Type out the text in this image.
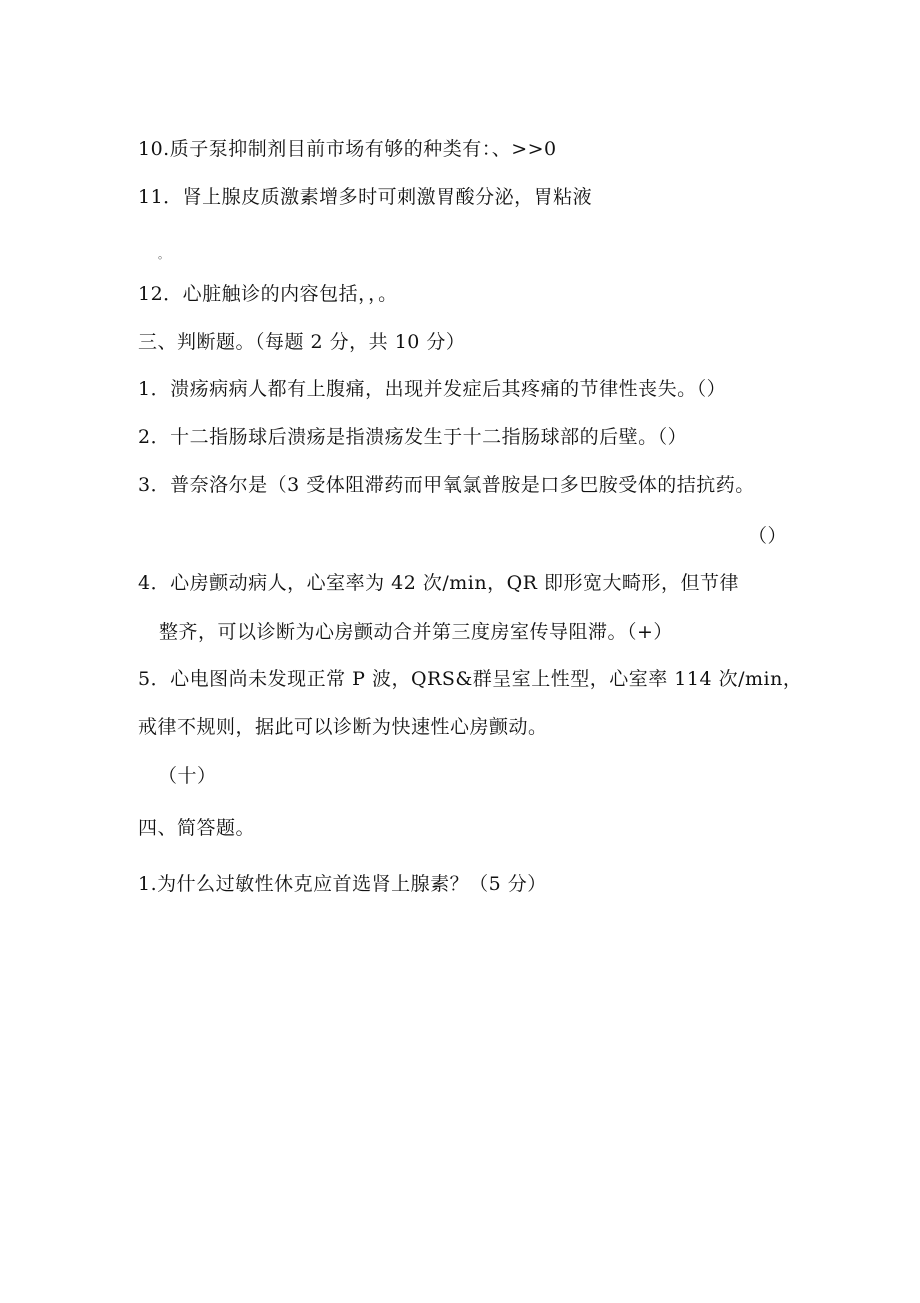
10.质子泵抑制剂目前市场有够的种类有：、>>0
11．肾上腺皮质激素增多时可刺激胃酸分泌，胃粘液
。
12．心脏触诊的内容包括，，。
三、判断题。（每题 2 分，共 10 分）
1．溃疡病病人都有上腹痛，出现并发症后其疼痛的节律性丧失。（）
2．十二指肠球后溃疡是指溃疡发生于十二指肠球部的后壁。（）
3．普奈洛尔是（3 受体阻滞药而甲氧氯普胺是口多巴胺受体的拮抗药。
（）
4．心房颤动病人，心室率为 42 次/min，QR 即形宽大畸形，但节律
整齐，可以诊断为心房颤动合并第三度房室传导阻滞。（+）
5．心电图尚未发现正常 P 波，QRS&群呈室上性型，心室率 114 次/min，
戒律不规则，据此可以诊断为快速性心房颤动。
（十）
四、简答题。
1.为什么过敏性休克应首选肾上腺素？（5 分）
